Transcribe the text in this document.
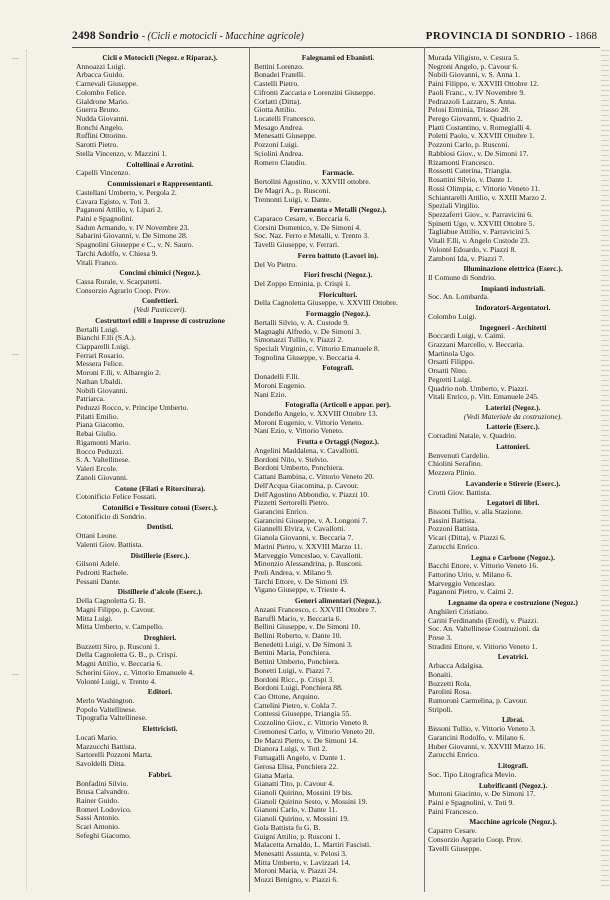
—
—
—
2498 Sondrio - (Cicli e motocicli - Macchine agricole)	PROVINCIA DI SONDRIO - 1868
Cicli e Motocicli (Negoz. e Riparaz.).
Annoazzi Luigi.
Arbacca Guido.
Carnevali Giuseppe.
Colombo Felice.
Gialdrone Mario.
Guerra Bruno.
Nudda Giovanni.
Ronchi Angelo.
Ruffini Ottorino.
Sarotti Pietro.
Stella Vincenzo, v. Mazzini 1.
Coltellinai e Arrotini.
Capelli Vincenzo.
Commissionari e Rappresentanti.
Castellani Umberto, v. Pergola 2.
Cavara Egisto, v. Toti 3.
Paganoni Attilio, v. Lipari 2.
Paini e Spagnolini.
Sadun Armando, v. IV Novembre 23.
Sabarini Giovanni, v. De Simone 28.
Spagnolini Giuseppe e C., v. N. Sauro.
Tarchi Adolfo, v. Chiesa 9.
Vitali Franco.
Concimi chimici (Negoz.).
Cassa Rurale, v. Scarpatetti.
Consorzio Agrario Coop. Prov.
Confettieri.
(Vedi Pasticceri).
Costruttori edili e Imprese di costruzione
Bertalli Luigi.
Bianchi F.lli (S.A.).
Ciapparelli Luigi.
Ferrari Rosario.
Messera Felice.
Moroni F.lli, v. Albaregio 2.
Nathan Ubaldi.
Nobili Giovanni.
Patriarca.
Peduzzi Rocco, v. Principe Umberto.
Pilatti Emilio.
Piana Giacomo.
Rebai Giulio.
Rigamonti Mario.
Rocco Peduzzi.
S. A. Valtellinese.
Valeri Ercole.
Zanoli Giovanni.
Cotone (Filati e Ritorcitura).
Cotonificio Felice Fossati.
Cotonifici e Tessiture cotoni (Eserc.).
Cotonificio di Sondrio.
Dentisti.
Ottani Leone.
Valenti Giov. Battista.
Distillerie (Eserc.).
Gilsoni Adele.
Pedrotti Rachele.
Pessani Dante.
Distillerie d'alcole (Eserc.).
Della Cagnoletta G. B.
Magni Filippo, p. Cavour.
Mitta Luigi.
Mitta Umberto, v. Campello.
Droghieri.
Buzzetti Siro, p. Rusconi 1.
Della Cagnoletta G. B., p. Crispi.
Magni Attilio, v. Beccaria 6.
Scherini Giov., c. Vittorio Emanuele 4.
Volonté Luigi, v. Trento 4.
Editori.
Merlo Washington.
Popolo Valtellinese.
Tipografia Valtellinese.
Elettricisti.
Locati Mario.
Mazzucchi Battista.
Sartorelli Pozzoni Marta.
Savoldelli Ditta.
Fabbri.
Bonfadini Silvio.
Brusa Calvandro.
Rainer Guido.
Romeri Lodovico.
Sassi Antonio.
Scari Antonio.
Sefeghi Giacomo.
Falegnami ed Ebanisti.
Bettini Lorenzo.
Bonadei Fratelli.
Castelli Pietro.
Cifronti Zaccaria e Lorenzini Giuseppe.
Corlatti (Ditta).
Giotta Attilio.
Locatelli Francesco.
Mesago Andrea.
Menesatti Giuseppe.
Pozzoni Luigi.
Sciolini Andrea.
Romero Claudio.
Farmacie.
Bertolini Agostino, v. XXVIII ottobre.
De Magri A., p. Rusconi.
Tremonti Luigi, v. Dante.
Ferramenta e Metalli (Negoz.).
Caparaco Cesare, v. Beccaria 6.
Corsini Domenico, v. De Simoni 4.
Soc. Naz. Ferro e Metalli, v. Trento 3.
Tavelli Giuseppe, v. Ferrari.
Ferro battuto (Lavori in).
Del Vo Pietro.
Fiori freschi (Negoz.).
Del Zoppo Erminia, p. Crispi 1.
Floricultori.
Della Cagnoletta Giuseppe, v. XXVIII Ottobre.
Formaggio (Negoz.).
Bertalli Silvio, v. A. Custode 9.
Magnaghi Alfredo, v. De Simoni 3.
Simonazzi Tullio, v. Piazzi 2.
Speciali Virginio, c. Vittorio Emanuele 8.
Tognolina Giuseppe, v. Beccaria 4.
Fotografi.
Donadelli F.lli.
Moroni Eugenio.
Nani Ezio.
Fotografia (Articoli e appar. per).
Dondello Angelo, v. XXVIII Ottobre 13.
Moroni Eugenio, v. Vittorio Veneto.
Nani Ezio, v. Vittorio Veneto.
Frutta e Ortaggi (Negoz.).
Angelini Maddalena, v. Cavallotti.
Bordoni Nilo, v. Stelvio.
Bordoni Umberto, Ponchiera.
Cattani Bambina, c. Vittorio Veneto 20.
Dell'Acqua Giacomina, p. Cavour.
Dell'Agostino Abbondio, v. Piazzi 10.
Pizzetti Sertorelli Pietro.
Garancini Enrico.
Garancini Giuseppe, v. A. Longoni 7.
Giannelli Elvira, v. Cavallotti.
Gianola Giovanni, v. Beccaria 7.
Marini Pietro, v. XXVIII Marzo 11.
Marveggio Venceslao, v. Cavallotti.
Minonzio Alessandrina, p. Rusconi.
Preli Andrea, v. Milano 9.
Tarchi Ettore, v. De Simoni 19.
Vigano Giuseppe, v. Trieste 4.
Generi alimentari (Negoz.).
Anzani Francesco, c. XXVIII Ottobre 7.
Baruffi Mario, v. Beccaria 6.
Bellini Giuseppe, v. De Simoni 10.
Bellini Roberto, v. Dante 10.
Benedetti Luigi, v. De Simoni 3.
Bettini Maria, Ponchiera.
Bettini Umberto, Ponchiera.
Bonetti Luigi, v. Piazzi 7.
Bordoni Ricc., p. Crispi 3.
Bordoni Luigi, Ponchiera 88.
Cao Ottone, Arquino.
Cattelini Pietro, v. Cokla 7.
Contessi Giuseppe, Triangia 55.
Cozzolino Giov., c. Vittorio Veneto 8.
Cremonesi Carlo, v. Vittorio Veneto 20.
De Marzi Pietro, v. De Simoni 14.
Dianora Luigi, v. Toti 2.
Fumagalli Angelo, v. Dante 1.
Gerosa Elisa, Ponchiera 22.
Giana Maria.
Gianatti Tito, p. Cavour 4.
Gianoli Quirino, Mossini 19 bis.
Gianoli Quirino Sesto, v. Mossini 19.
Gianoni Carlo, v. Dante 11.
Gianoli Quirino, v. Mossini 19.
Gola Battista fu G. B.
Guigni Attilio, p. Rusconi 1.
Malacetta Arnaldo, L. Martiri Fascisti.
Menesatti Assunta, v. Pelosi 3.
Mitta Umberto, v. Lavizzari 14.
Moroni Maria, v. Piazzi 24.
Mozzi Benigno, v. Piazzi 6.
Murada Viligisto, v. Cesura 5.
Negroni Angelo, p. Cavour 6.
Nobili Giovanni, v. S. Anna 1.
Paini Filippo, v. XXVIII Ottobre 12.
Paoli Franc., v. IV Novembre 9.
Pedrazzoli Lazzaro, S. Anna.
Pelosi Erminia, Triasso 28.
Perego Giovanni, v. Quadrio 2.
Platti Costantino, v. Romegialli 4.
Poletti Paolo, v. XXVIII Ottobre 1.
Pozzoni Carlo, p. Rusconi.
Rabbiosi Giov., v. De Simoni 17.
Rizamonti Francesco.
Rossotti Caterina, Triangia.
Rosattini Silvio, v. Dante 1.
Rossi Olimpia, c. Vittorio Veneto 11.
Schiantarelli Attilio, v. XXIII Marzo 2.
Speziali Virgilio.
Spezzaferri Giov., v. Parravicini 6.
Spinetti Ugo, v. XXVIII Ottobre 5.
Tagliabue Attilio, v. Parravicini 5.
Vitali F.lli, v. Angelo Custode 23.
Volonté Edoardo, v. Piazzi 8.
Zamboni Ida, v. Piazzi 7.
Illuminazione elettrica (Eserc.).
Il Comune di Sondrio.
Impianti industriali.
Soc. An. Lombarda.
Indoratori-Argentatori.
Colombo Luigi.
Ingegneri - Architetti
Boccardi Luigi, v. Caimi.
Grazzani Marcello, v. Beccaria.
Martinola Ugo.
Orsatti Filippo.
Orsatti Nino.
Pegretti Luigi.
Quadrio nob. Umberto, v. Piazzi.
Vitali Enrico, p. Vitt. Emanuele 245.
Laterizi (Negoz.).
(Vedi Materiale da costruzione).
Latterie (Eserc.).
Corradini Natale, v. Quadrio.
Lattonieri.
Benvenuti Cardelio.
Chiolini Serafino.
Mezzera Plinio.
Lavanderie e Stirerie (Eserc.).
Crotti Giov. Battista.
Legatori di libri.
Bissoni Tullio, v. alla Stazione.
Passini Battista.
Pozzoni Battista.
Vicari (Ditta), v. Piazzi 6.
Zarucchi Enrico.
Legna e Carbone (Negoz.).
Bacchi Ettore, v. Vittorio Veneto 16.
Fattorino Urio, v. Milano 6.
Marveggio Venceslao.
Paganoni Pietro, v. Caimi 2.
Legname da opera e costruzione (Negoz.)
Anghileri Cristiano.
Carini Ferdinando (Eredi), v. Piazzi.
Soc. An. Valtellinese Costruzioni. da
Prese 3.
Stradini Ettore, v. Vittorio Veneto 1.
Levatrici.
Arbacca Adalgisa.
Bonaiti.
Buzzetti Rola.
Parolini Rosa.
Rumoroni Carmelina, p. Cavour.
Stripoli.
Libraí.
Bissoni Tullio, v. Vittorio Veneto 3.
Garancini Rodolfo, v. Milano 6.
Huber Giovanni, v. XXVIII Marzo 16.
Zarucchi Enrico.
Litografi.
Soc. Tipo Litografica Mevio.
Lubrificanti (Negoz.).
Muttoni Giacinto, v. De Simoni 17.
Paini e Spagnolini, v. Toti 9.
Paini Francesco.
Macchine agricole (Negoz.).
Caparro Cesare.
Consorzio Agrario Coop. Prov.
Tavelli Giuseppe.
